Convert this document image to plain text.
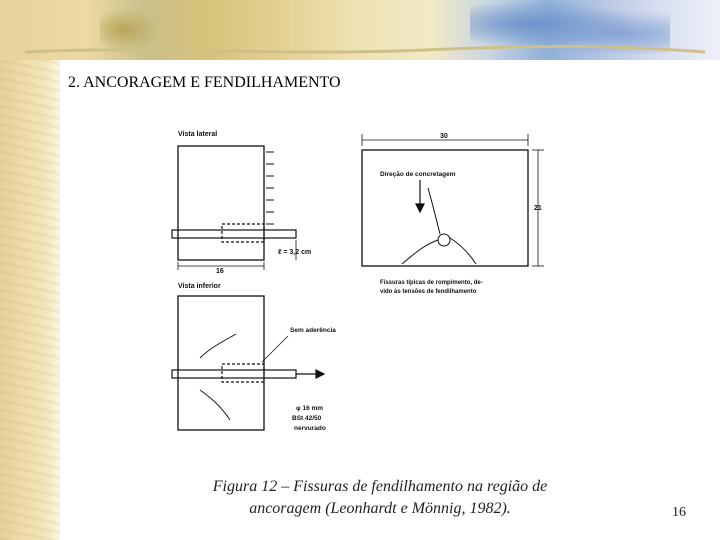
2. ANCORAGEM E FENDILHAMENTO
Vista lateral
ℓ = 3,2 cm
16
30
21
Direção de concretagem
Fissuras típicas de rompimento, de- vido às tensões de fendilhamento
Vista inferior
Sem aderência
φ 16 mm
BSt 42/50
nervurado
Figura 12 – Fissuras de fendilhamento na região de
ancoragem (Leonhardt e Mönnig, 1982).	16
